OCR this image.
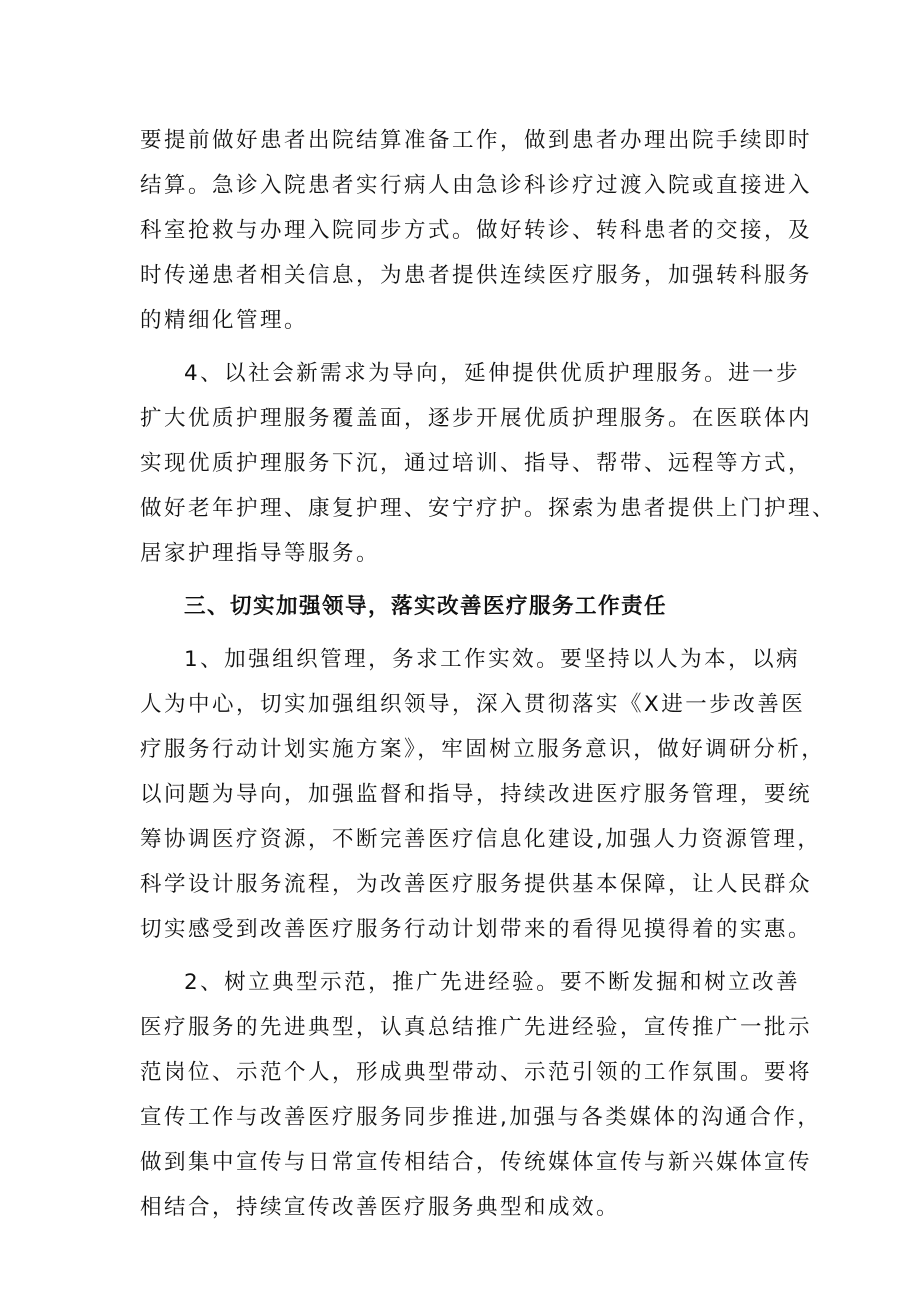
要提前做好患者出院结算准备工作，做到患者办理出院手续即时
结算。急诊入院患者实行病人由急诊科诊疗过渡入院或直接进入
科室抢救与办理入院同步方式。做好转诊、转科患者的交接，及
时传递患者相关信息，为患者提供连续医疗服务，加强转科服务
的精细化管理。
4、以社会新需求为导向，延伸提供优质护理服务。进一步
扩大优质护理服务覆盖面，逐步开展优质护理服务。在医联体内
实现优质护理服务下沉，通过培训、指导、帮带、远程等方式，
做好老年护理、康复护理、安宁疗护。探索为患者提供上门护理、
居家护理指导等服务。
三、切实加强领导，落实改善医疗服务工作责任
1、加强组织管理，务求工作实效。要坚持以人为本，以病
人为中心，切实加强组织领导，深入贯彻落实《X进一步改善医
疗服务行动计划实施方案》，牢固树立服务意识，做好调研分析，
以问题为导向，加强监督和指导，持续改进医疗服务管理，要统
筹协调医疗资源，不断完善医疗信息化建设,加强人力资源管理，
科学设计服务流程，为改善医疗服务提供基本保障，让人民群众
切实感受到改善医疗服务行动计划带来的看得见摸得着的实惠。
2、树立典型示范，推广先进经验。要不断发掘和树立改善
医疗服务的先进典型，认真总结推广先进经验，宣传推广一批示
范岗位、示范个人，形成典型带动、示范引领的工作氛围。要将
宣传工作与改善医疗服务同步推进,加强与各类媒体的沟通合作，
做到集中宣传与日常宣传相结合，传统媒体宣传与新兴媒体宣传
相结合，持续宣传改善医疗服务典型和成效。
